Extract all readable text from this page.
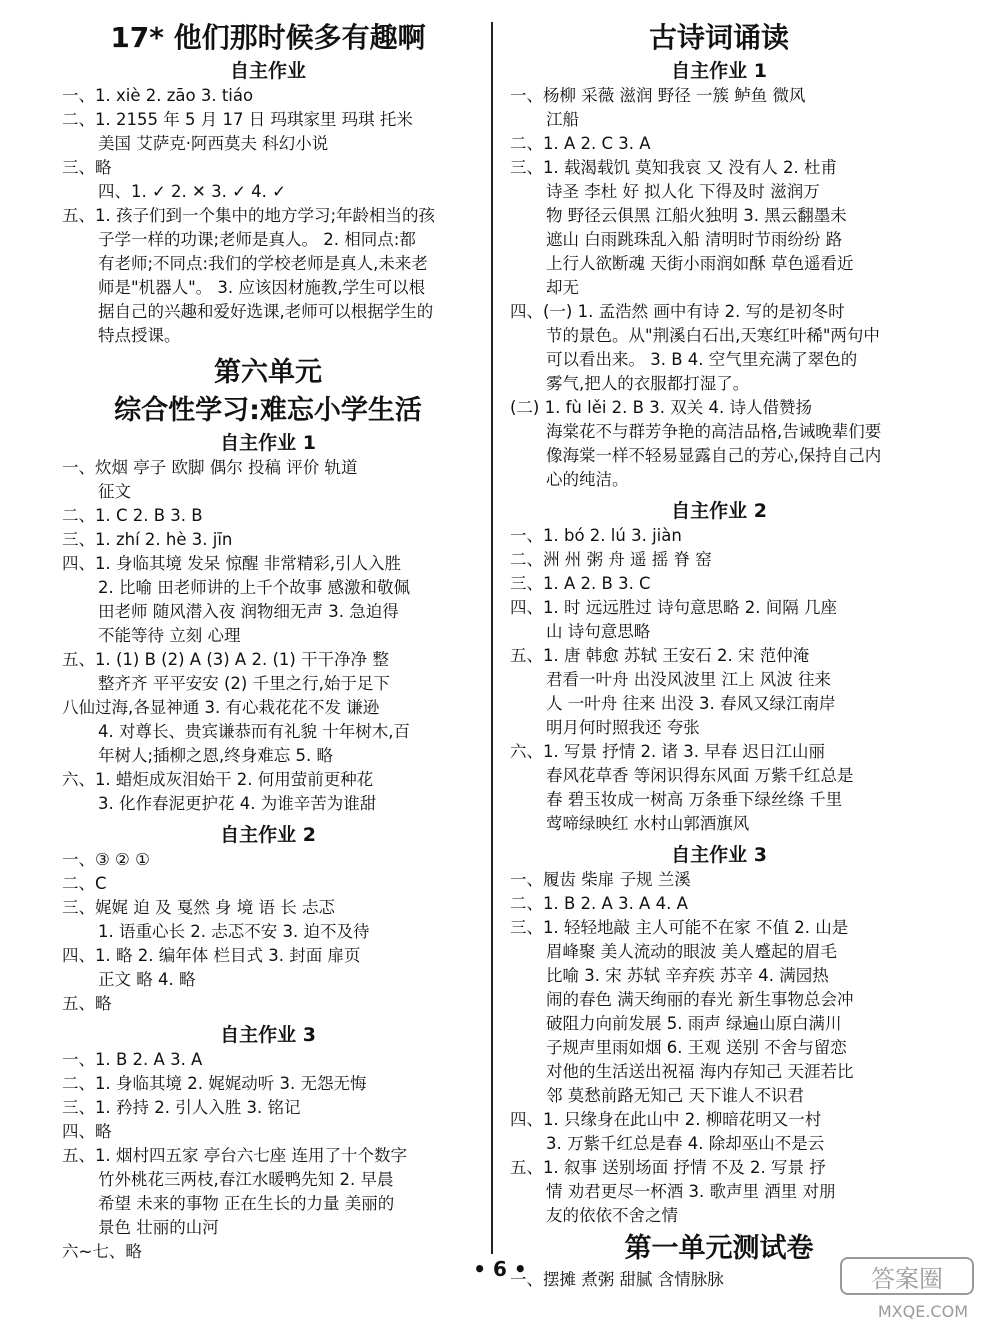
17* 他们那时候多有趣啊
自主作业

一、1. xiè 2. zāo 3. tiáo

二、1. 2155 年 5 月 17 日 玛琪家里 玛琪 托米

美国 艾萨克·阿西莫夫 科幻小说

三、略

四、1. ✓ 2. ✕ 3. ✓ 4. ✓

五、1. 孩子们到一个集中的地方学习;年龄相当的孩

子学一样的功课;老师是真人。 2. 相同点:都

有老师;不同点:我们的学校老师是真人,未来老

师是"机器人"。 3. 应该因材施教,学生可以根

据自己的兴趣和爱好选课,老师可以根据学生的

特点授课。

第六单元
综合性学习:难忘小学生活
自主作业 1

一、炊烟 亭子 欧脚 偶尔 投稿 评价 轨道

征文

二、1. C 2. B 3. B

三、1. zhí 2. hè 3. jīn

四、1. 身临其境 发呆 惊醒 非常精彩,引人入胜

2. 比喻 田老师讲的上千个故事 感激和敬佩

田老师 随风潜入夜 润物细无声 3. 急迫得

不能等待 立刻 心理

五、1. (1) B (2) A (3) A 2. (1) 干干净净 整

整齐齐 平平安安 (2) 千里之行,始于足下

八仙过海,各显神通 3. 有心栽花花不发 谦逊

4. 对尊长、贵宾谦恭而有礼貌 十年树木,百

年树人;插柳之恩,终身难忘 5. 略

六、1. 蜡炬成灰泪始干 2. 何用萤前更种花

3. 化作春泥更护花 4. 为谁辛苦为谁甜

自主作业 2

一、③ ② ①

二、C

三、娓娓 迫 及 戛然 身 境 语 长 忐忑

1. 语重心长 2. 忐忑不安 3. 迫不及待

四、1. 略 2. 编年体 栏目式 3. 封面 扉页

正文 略 4. 略

五、略

自主作业 3

一、1. B 2. A 3. A

二、1. 身临其境 2. 娓娓动听 3. 无怨无悔

三、1. 矜持 2. 引人入胜 3. 铭记

四、略

五、1. 烟村四五家 亭台六七座 连用了十个数字

竹外桃花三两枝,春江水暖鸭先知 2. 早晨

希望 未来的事物 正在生长的力量 美丽的

景色 壮丽的山河

六~七、略

古诗词诵读
自主作业 1

一、杨柳 采薇 滋润 野径 一簇 鲈鱼 微风

江船

二、1. A 2. C 3. A

三、1. 载渴载饥 莫知我哀 又 没有人 2. 杜甫

诗圣 李杜 好 拟人化 下得及时 滋润万

物 野径云俱黑 江船火独明 3. 黑云翻墨未

遮山 白雨跳珠乱入船 清明时节雨纷纷 路

上行人欲断魂 天街小雨润如酥 草色遥看近

却无

四、(一) 1. 孟浩然 画中有诗 2. 写的是初冬时

节的景色。从"荆溪白石出,天寒红叶稀"两句中

可以看出来。 3. B 4. 空气里充满了翠色的

雾气,把人的衣服都打湿了。

(二) 1. fù lěi 2. B 3. 双关 4. 诗人借赞扬

海棠花不与群芳争艳的高洁品格,告诫晚辈们要

像海棠一样不轻易显露自己的芳心,保持自己内

心的纯洁。

自主作业 2

一、1. bó 2. lú 3. jiàn

二、洲 州 粥 舟 遥 摇 脊 窑

三、1. A 2. B 3. C

四、1. 时 远远胜过 诗句意思略 2. 间隔 几座

山 诗句意思略

五、1. 唐 韩愈 苏轼 王安石 2. 宋 范仲淹

君看一叶舟 出没风波里 江上 风波 往来

人 一叶舟 往来 出没 3. 春风又绿江南岸

明月何时照我还 夸张

六、1. 写景 抒情 2. 诸 3. 早春 迟日江山丽

春风花草香 等闲识得东风面 万紫千红总是

春 碧玉妆成一树高 万条垂下绿丝绦 千里

莺啼绿映红 水村山郭酒旗风

自主作业 3

一、履齿 柴扉 子规 兰溪

二、1. B 2. A 3. A 4. A

三、1. 轻轻地敲 主人可能不在家 不值 2. 山是

眉峰聚 美人流动的眼波 美人蹙起的眉毛

比喻 3. 宋 苏轼 辛弃疾 苏辛 4. 满园热

闹的春色 满天绚丽的春光 新生事物总会冲

破阻力向前发展 5. 雨声 绿遍山原白满川

子规声里雨如烟 6. 王观 送别 不舍与留恋

对他的生活送出祝福 海内存知己 天涯若比

邻 莫愁前路无知己 天下谁人不识君

四、1. 只缘身在此山中 2. 柳暗花明又一村

3. 万紫千红总是春 4. 除却巫山不是云

五、1. 叙事 送别场面 抒情 不及 2. 写景 抒

情 劝君更尽一杯酒 3. 歌声里 酒里 对朋

友的依依不舍之情

第一单元测试卷

一、摆摊 煮粥 甜腻 含情脉脉

• 6 •	答案圈
MXQE.COM
